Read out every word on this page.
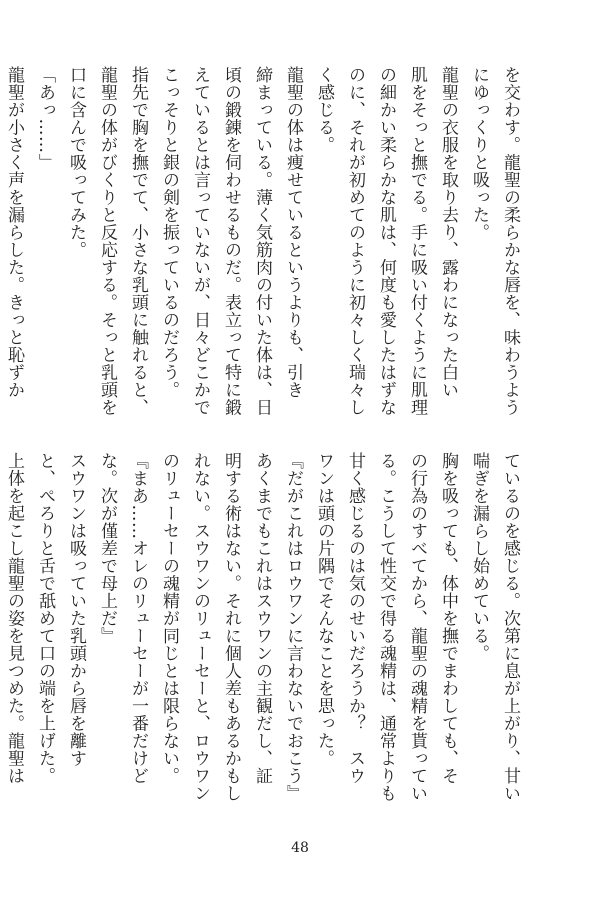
を交わす。龍聖の柔らかな唇を、味わうよう
にゆっくりと吸った。
龍聖の衣服を取り去り、露わになった白い
肌をそっと撫でる。手に吸い付くように肌理
の細かい柔らかな肌は、何度も愛したはずな
のに、それが初めてのように初々しく瑞々し
く感じる。
龍聖の体は痩せているというよりも、引き
締まっている。薄く気筋肉の付いた体は、日
頃の鍛錬を伺わせるものだ。表立って特に鍛
えているとは言っていないが、日々どこかで
こっそりと銀の剣を振っているのだろう。
指先で胸を撫でて、小さな乳頭に触れると、
龍聖の体がびくりと反応する。そっと乳頭を
口に含んで吸ってみた。
「あっ……」
龍聖が小さく声を漏らした。きっと恥ずか
ているのを感じる。次第に息が上がり、甘い
喘ぎを漏らし始めている。
胸を吸っても、体中を撫でまわしても、そ
の行為のすべてから、龍聖の魂精を貰ってい
る。こうして性交で得る魂精は、通常よりも
甘く感じるのは気のせいだろうか？　スウ
ワンは頭の片隅でそんなことを思った。
『だがこれはロウワンに言わないでおこう』
あくまでもこれはスウワンの主観だし、証
明する術はない。それに個人差もあるかもし
れない。スウワンのリューセーと、ロウワン
のリューセーの魂精が同じとは限らない。
『まあ……オレのリューセーが一番だけど
な。次が僅差で母上だ』
スウワンは吸っていた乳頭から唇を離す
と、ぺろりと舌で舐めて口の端を上げた。
上体を起こし龍聖の姿を見つめた。龍聖は
48
